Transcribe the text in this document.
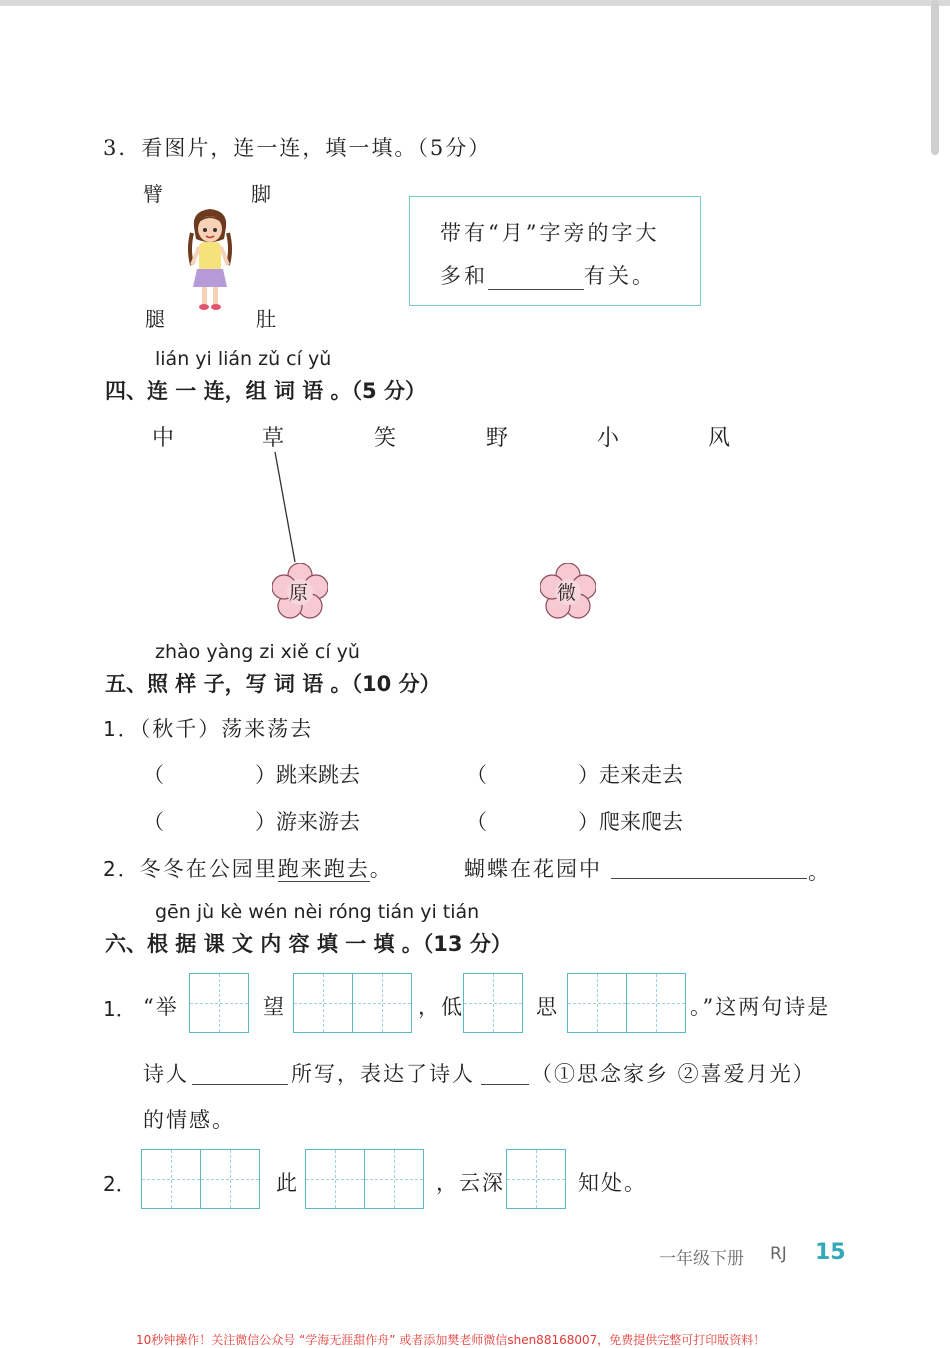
3．看图片，连一连，填一填。（5分）
臂	脚
腿	肚
带有“月”字旁的字大
多和	有关。
lián yi lián zǔ cí yǔ
四、连 一 连，组 词 语 。（5 分）
中	草	笑	野	小	风
原	微
zhào yàng zi xiě cí yǔ
五、照 样 子，写 词 语 。（10 分）
1．（秋千）荡来荡去
（	）跳来跳去	（	）走来走去
（	）游来游去	（	）爬来爬去
2．冬冬在公园里跑来跑去。	蝴蝶在花园中	。
gēn jù kè wén nèi róng tián yi tián
六、根 据 课 文 内 容 填 一 填 。（13 分）
1． “举	望	，低	思	。”这两句诗是
诗人	所写，表达了诗人	（①思念家乡 ②喜爱月光）
的情感。
2．	此	，云深	知处。
一年级下册 RJ 15
10秒钟操作！关注微信公众号 “学海无涯甜作舟” 或者添加樊老师微信shen88168007，免费提供完整可打印版资料！
